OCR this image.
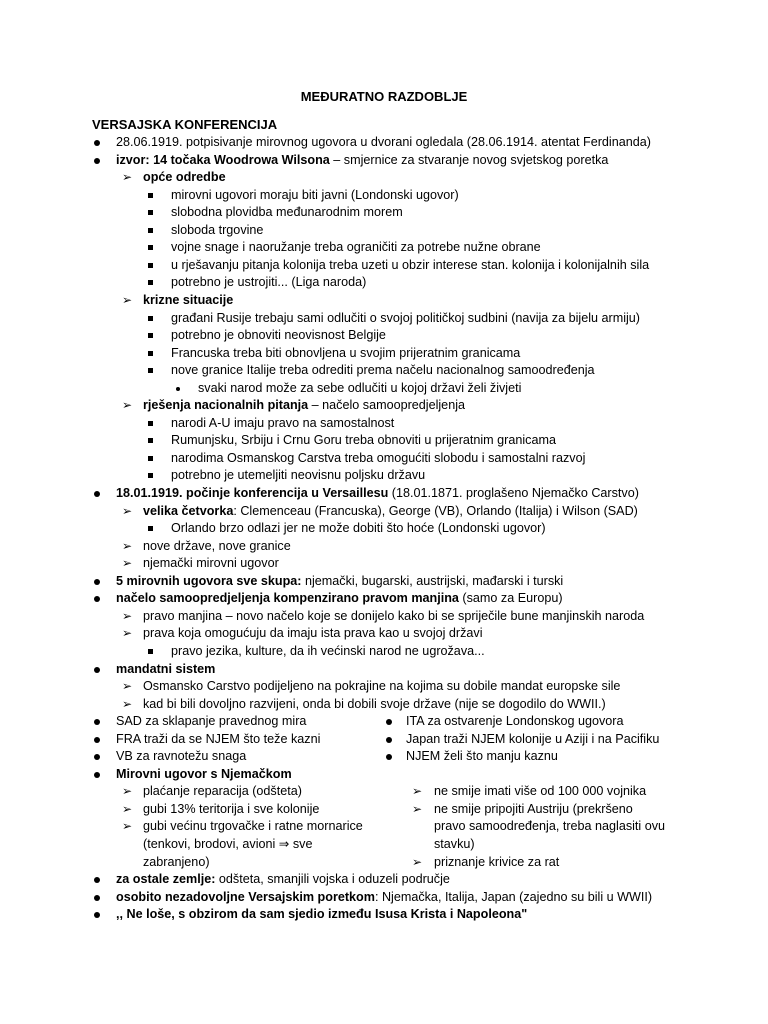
MEĐURATNO RAZDOBLJE
VERSAJSKA KONFERENCIJA
28.06.1919. potpisivanje mirovnog ugovora u dvorani ogledala (28.06.1914. atentat Ferdinanda)
izvor: 14 točaka Woodrowa Wilsona – smjernice za stvaranje novog svjetskog poretka
➢ opće odredbe
mirovni ugovori moraju biti javni (Londonski ugovor)
slobodna plovidba međunarodnim morem
sloboda trgovine
vojne snage i naoružanje treba ograničiti za potrebe nužne obrane
u rješavanju pitanja kolonija treba uzeti u obzir interese stan. kolonija i kolonijalnih sila
potrebno je ustrojiti... (Liga naroda)
➢ krizne situacije
građani Rusije trebaju sami odlučiti o svojoj političkoj sudbini (navija za bijelu armiju)
potrebno je obnoviti neovisnost Belgije
Francuska treba biti obnovljena u svojim prijeratnim granicama
nove granice Italije treba odrediti prema načelu nacionalnog samoodređenja
svaki narod može za sebe odlučiti u kojoj državi želi živjeti
➢ rješenja nacionalnih pitanja – načelo samoopredjeljenja
narodi A-U imaju pravo na samostalnost
Rumunjsku, Srbiju i Crnu Goru treba obnoviti u prijeratnim granicama
narodima Osmanskog Carstva treba omogućiti slobodu i samostalni razvoj
potrebno je utemeljiti neovisnu poljsku državu
18.01.1919. počinje konferencija u Versaillesu (18.01.1871. proglašeno Njemačko Carstvo)
➢ velika četvorka: Clemenceau (Francuska), George (VB), Orlando (Italija) i Wilson (SAD)
Orlando brzo odlazi jer ne može dobiti što hoće (Londonski ugovor)
➢ nove države, nove granice
➢ njemački mirovni ugovor
5 mirovnih ugovora sve skupa: njemački, bugarski, austrijski, mađarski i turski
načelo samoopredjeljenja kompenzirano pravom manjina (samo za Europu)
➢ pravo manjina – novo načelo koje se donijelo kako bi se spriječile bune manjinskih naroda
➢ prava koja omogućuju da imaju ista prava kao u svojoj državi
pravo jezika, kulture, da ih većinski narod ne ugrožava...
mandatni sistem
➢ Osmansko Carstvo podijeljeno na pokrajine na kojima su dobile mandat europske sile
➢ kad bi bili dovoljno razvijeni, onda bi dobili svoje države (nije se dogodilo do WWII.)
SAD za sklapanje pravednog mira
FRA traži da se NJEM što teže kazni
VB za ravnotežu snaga
Mirovni ugovor s Njemačkom
➢ plaćanje reparacija (odšteta)
➢ gubi 13% teritorija i sve kolonije
➢ gubi većinu trgovačke i ratne mornarice
(tenkovi, brodovi, avioni ⇒ sve
zabranjeno)
ITA za ostvarenje Londonskog ugovora
Japan traži NJEM kolonije u Aziji i na Pacifiku
NJEM želi što manju kaznu
➢ ne smije imati više od 100 000 vojnika
➢ ne smije pripojiti Austriju (prekršeno
pravo samoodređenja, treba naglasiti ovu
stavku)
➢ priznanje krivice za rat
za ostale zemlje: odšteta, smanjili vojska i oduzeli područje
osobito nezadovoljne Versajskim poretkom: Njemačka, Italija, Japan (zajedno su bili u WWII)
,, Ne loše, s obzirom da sam sjedio između Isusa Krista i Napoleona"
